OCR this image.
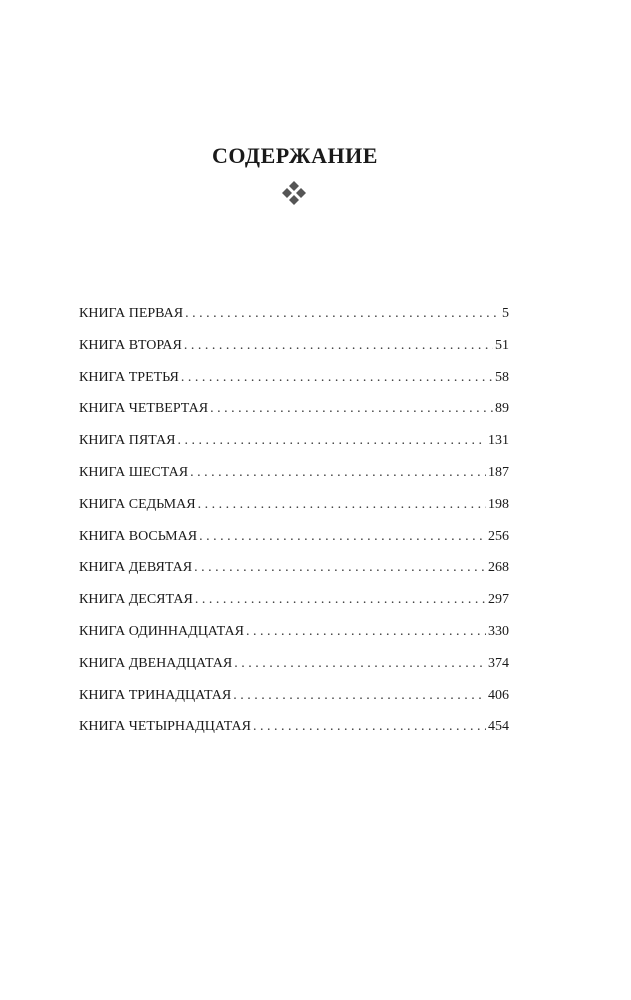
СОДЕРЖАНИЕ
КНИГА ПЕРВАЯ . . .	5
КНИГА ВТОРАЯ . . .	51
КНИГА ТРЕТЬЯ . . .	58
КНИГА ЧЕТВЕРТАЯ . . .	89
КНИГА ПЯТАЯ . . .	131
КНИГА ШЕСТАЯ . . .	187
КНИГА СЕДЬМАЯ . . .	198
КНИГА ВОСЬМАЯ . . .	256
КНИГА ДЕВЯТАЯ . . .	268
КНИГА ДЕСЯТАЯ . . .	297
КНИГА ОДИННАДЦАТАЯ . . .	330
КНИГА ДВЕНАДЦАТАЯ . . .	374
КНИГА ТРИНАДЦАТАЯ . . .	406
КНИГА ЧЕТЫРНАДЦАТАЯ . . .	454
